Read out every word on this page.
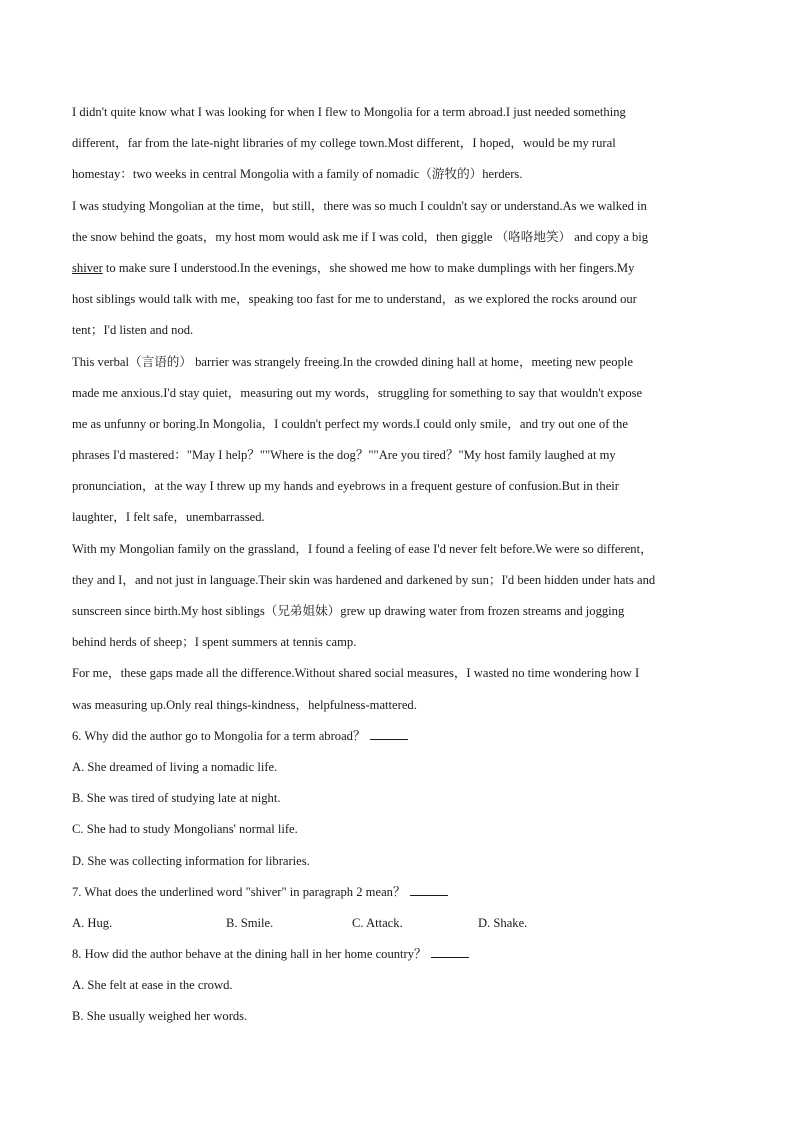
I didn't quite know what I was looking for when I flew to Mongolia for a term abroad.I just needed something
different，far from the late-night libraries of my college town.Most different，I hoped，would be my rural
homestay：two weeks in central Mongolia with a family of nomadic（游牧的）herders.
I was studying Mongolian at the time，but still，there was so much I couldn't say or understand.As we walked in
the snow behind the goats，my host mom would ask me if I was cold，then giggle （咯咯地笑） and copy a big
shiver to make sure I understood.In the evenings，she showed me how to make dumplings with her fingers.My
host siblings would talk with me，speaking too fast for me to understand，as we explored the rocks around our
tent；I'd listen and nod.
This verbal（言语的） barrier was strangely freeing.In the crowded dining hall at home，meeting new people
made me anxious.I'd stay quiet，measuring out my words，struggling for something to say that wouldn't expose
me as unfunny or boring.In Mongolia，I couldn't perfect my words.I could only smile，and try out one of the
phrases I'd mastered："May I help？""Where is the dog？""Are you tired？"My host family laughed at my
pronunciation，at the way I threw up my hands and eyebrows in a frequent gesture of confusion.But in their
laughter，I felt safe，unembarrassed.
With my Mongolian family on the grassland，I found a feeling of ease I'd never felt before.We were so different，
they and I，and not just in language.Their skin was hardened and darkened by sun；I'd been hidden under hats and
sunscreen since birth.My host siblings（兄弟姐妹）grew up drawing water from frozen streams and jogging
behind herds of sheep；I spent summers at tennis camp.
For me，these gaps made all the difference.Without shared social measures，I wasted no time wondering how I
was measuring up.Only real things-kindness，helpfulness-mattered.
6. Why did the author go to Mongolia for a term abroad？
A. She dreamed of living a nomadic life.
B. She was tired of studying late at night.
C. She had to study Mongolians' normal life.
D. She was collecting information for libraries.
7. What does the underlined word "shiver" in paragraph 2 mean？
A. Hug.	B. Smile.	C. Attack.	D. Shake.
8. How did the author behave at the dining hall in her home country？
A. She felt at ease in the crowd.
B. She usually weighed her words.
